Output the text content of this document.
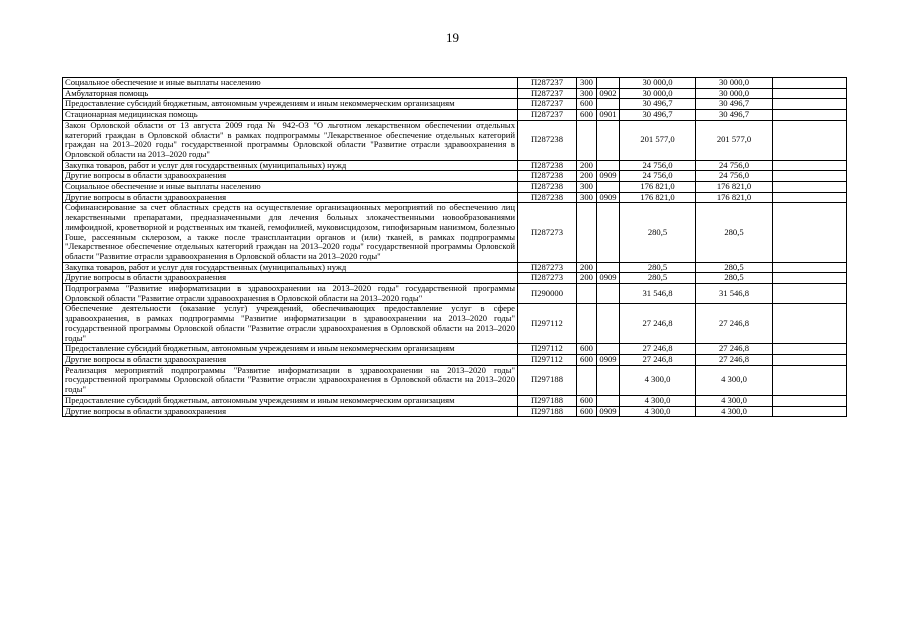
19
Социальное обеспечение и иные выплаты населению	П287237	300		30 000,0	30 000,0	
Амбулаторная помощь	П287237	300	0902	30 000,0	30 000,0	
Предоставление субсидий бюджетным, автономным учреждениям и иным некоммерческим организациям	П287237	600		30 496,7	30 496,7	
Стационарная медицинская помощь	П287237	600	0901	30 496,7	30 496,7	
Закон Орловской области от 13 августа 2009 года № 942-ОЗ "О льготном лекарственном обеспечении отдельных категорий граждан в Орловской области" в рамках подпрограммы "Лекарственное обеспечение отдельных категорий граждан на 2013–2020 годы" государственной программы Орловской области "Развитие отрасли здравоохранения в Орловской области на 2013–2020 годы"	П287238			201 577,0	201 577,0	
Закупка товаров, работ и услуг для государственных (муниципальных) нужд	П287238	200		24 756,0	24 756,0	
Другие вопросы в области здравоохранения	П287238	200	0909	24 756,0	24 756,0	
Социальное обеспечение и иные выплаты населению	П287238	300		176 821,0	176 821,0	
Другие вопросы в области здравоохранения	П287238	300	0909	176 821,0	176 821,0	
Софинансирование за счет областных средств на осуществление организационных мероприятий по обеспечению лиц лекарственными препаратами, предназначенными для лечения больных злокачественными новообразованиями лимфоидной, кроветворной и родственных им тканей, гемофилией, муковисцидозом, гипофизарным нанизмом, болезнью Гоше, рассеянным склерозом, а также после трансплантации органов и (или) тканей, в рамках подпрограммы "Лекарственное обеспечение отдельных категорий граждан на 2013–2020 годы" государственной программы Орловской области "Развитие отрасли здравоохранения в Орловской области на 2013–2020 годы"	П287273			280,5	280,5	
Закупка товаров, работ и услуг для государственных (муниципальных) нужд	П287273	200		280,5	280,5	
Другие вопросы в области здравоохранения	П287273	200	0909	280,5	280,5	
Подпрограмма "Развитие информатизации в здравоохранении на 2013–2020 годы" государственной программы Орловской области "Развитие отрасли здравоохранения в Орловской области на 2013–2020 годы"	П290000			31 546,8	31 546,8	
Обеспечение деятельности (оказание услуг) учреждений, обеспечивающих предоставление услуг в сфере здравоохранения, в рамках подпрограммы "Развитие информатизации в здравоохранении на 2013–2020 годы" государственной программы Орловской области "Развитие отрасли здравоохранения в Орловской области на 2013–2020 годы"	П297112			27 246,8	27 246,8	
Предоставление субсидий бюджетным, автономным учреждениям и иным некоммерческим организациям	П297112	600		27 246,8	27 246,8	
Другие вопросы в области здравоохранения	П297112	600	0909	27 246,8	27 246,8	
Реализация мероприятий подпрограммы "Развитие информатизации в здравоохранении на 2013–2020 годы" государственной программы Орловской области "Развитие отрасли здравоохранения в Орловской области на 2013–2020 годы"	П297188			4 300,0	4 300,0	
Предоставление субсидий бюджетным, автономным учреждениям и иным некоммерческим организациям	П297188	600		4 300,0	4 300,0	
Другие вопросы в области здравоохранения	П297188	600	0909	4 300,0	4 300,0	
